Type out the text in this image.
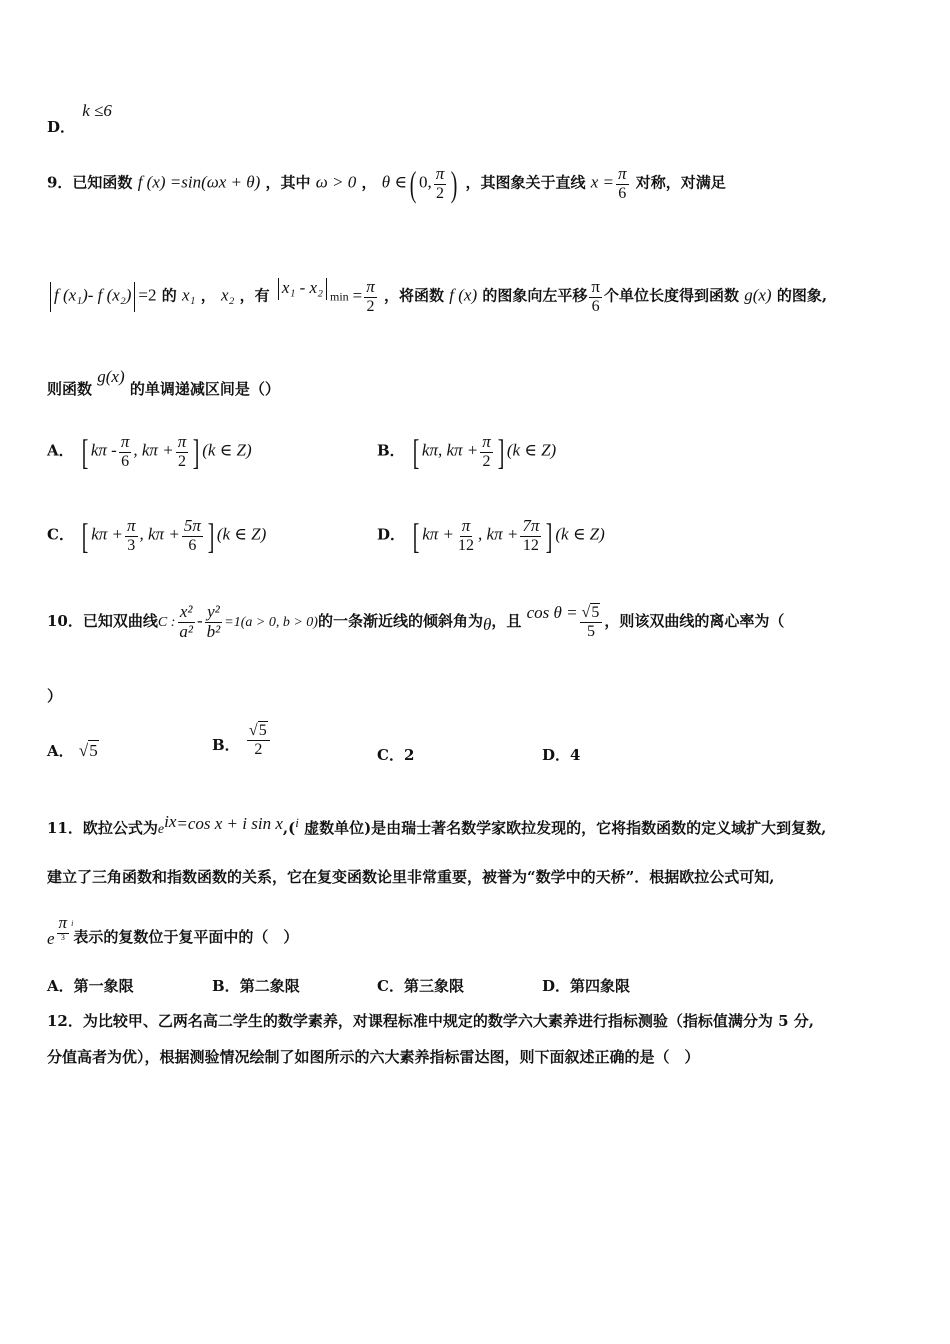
D． k ≤6
9．已知函数 f (x) =sin(ωx + θ) ，其中 ω > 0 ， θ ∈( 0, $\frac{\pi}{2}$ ) ，其图象关于直线 $x = \frac{\pi}{6}$ 对称，对满足
f (x₁)- f (x₂) =2 的 x₁ ， x₂ ，有 x₁ - x₂ $\min = \frac{\pi}{2}$ ，将函数 f (x) 的图象向左平移 $\frac{\pi}{6}$ 个单位长度得到函数 g(x) 的图象,
则函数 g(x) 的单调递减区间是（）
A． [ kπ - $\frac{\pi}{6}$ , $k\pi + \frac{\pi}{2}$ ] (k ∈ Z)	B． [ kπ, $k\pi + \frac{\pi}{2}$ ] (k ∈ Z)
C． [ $k\pi + \frac{\pi}{3}$ , $k\pi + \frac{5\pi}{6}$ ] (k ∈ Z)	D． [ $k\pi + \frac{\pi}{12}$ , $k\pi + \frac{7\pi}{12}$ ] (k ∈ Z)
10．已知双曲线C : $\frac{\text{x²}}{\text{a²}} - \frac{\text{y²}}{\text{b²}} =1(a > 0$, b > 0)的一条渐近线的倾斜角为θ，且 $\cos \theta = \frac{√5}{5}$ ，则该双曲线的离心率为（
）
A． √5	B． $\frac{√5}{2}$	C．2	D．4
11．欧拉公式为$e^{ix}=\cos$ x + i sin x,($^i$ 虚数单位)是由瑞士著名数学家欧拉发现的，它将指数函数的定义域扩大到复数,
建立了三角函数和指数函数的关系，它在复变函数论里非常重要，被誉为“数学中的天桥”．根据欧拉公式可知,
e $\frac{\pi}{3} ^i$表示的复数位于复平面中的（　）
A．第一象限	B．第二象限	C．第三象限	D．第四象限
12．为比较甲、乙两名高二学生的数学素养，对课程标准中规定的数学六大素养进行指标测验（指标值满分为 5 分,
分值高者为优），根据测验情况绘制了如图所示的六大素养指标雷达图，则下面叙述正确的是（　）
